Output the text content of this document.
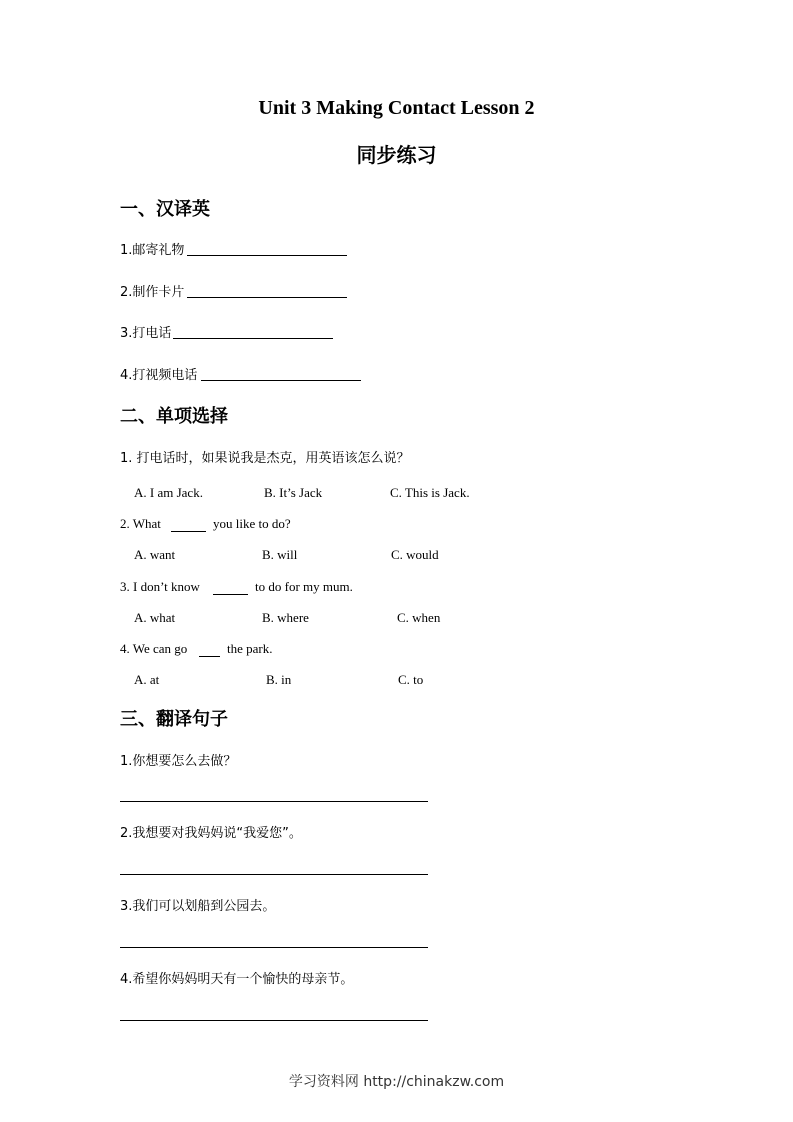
Unit 3 Making Contact Lesson 2
同步练习
一、汉译英
1.邮寄礼物
2.制作卡片
3.打电话
4.打视频电话
二、单项选择
1. 打电话时，如果说我是杰克，用英语该怎么说？
A. I am Jack.	B. It’s Jack	C. This is Jack.
2. What	you like to do?
A. want	B. will	C. would
3. I don’t know	to do for my mum.
A. what	B. where	C. when
4. We can go	the park.
A. at	B. in	C. to
三、翻译句子
1.你想要怎么去做？
2.我想要对我妈妈说“我爱您”。
3.我们可以划船到公园去。
4.希望你妈妈明天有一个愉快的母亲节。
学习资料网 http://chinakzw.com
